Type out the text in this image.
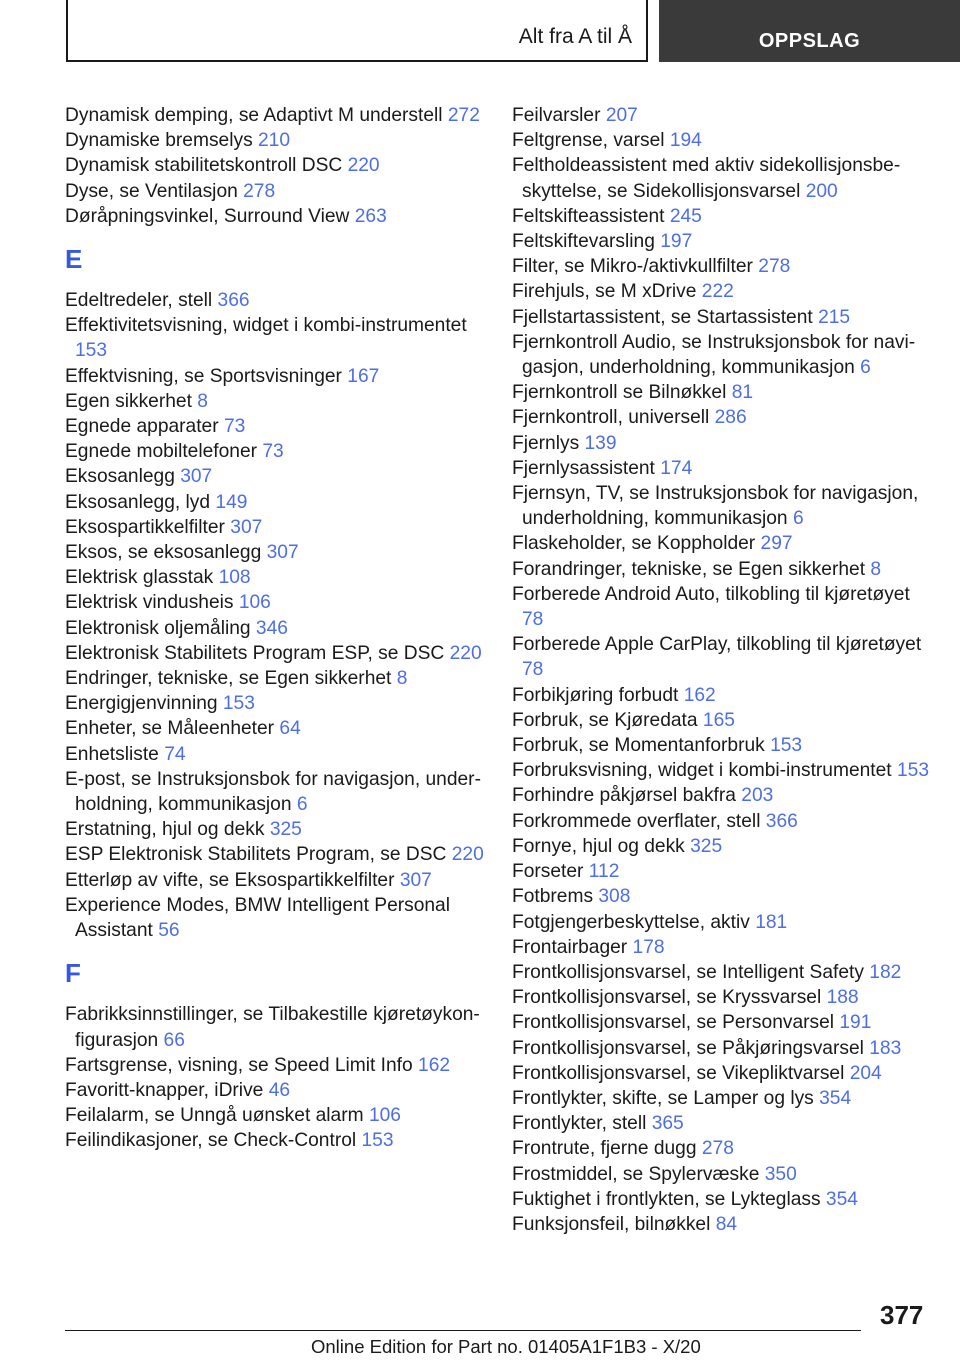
Alt fra A til Å	OPPSLAG

Dynamisk demping, se Adaptivt M understell 272

Dynamiske bremselys 210

Dynamisk stabilitetskontroll DSC 220

Dyse, se Ventilasjon 278

Døråpningsvinkel, Surround View 263

E

Edeltredeler, stell 366

Effektivitetsvisning, widget i kombi-instrumentet 153

Effektvisning, se Sportsvisninger 167

Egen sikkerhet 8

Egnede apparater 73

Egnede mobiltelefoner 73

Eksosanlegg 307

Eksosanlegg, lyd 149

Eksospartikkelfilter 307

Eksos, se eksosanlegg 307

Elektrisk glasstak 108

Elektrisk vindusheis 106

Elektronisk oljemåling 346

Elektronisk Stabilitets Program ESP, se DSC 220

Endringer, tekniske, se Egen sikkerhet 8

Energigjenvinning 153

Enheter, se Måleenheter 64

Enhetsliste 74

E-post, se Instruksjonsbok for navigasjon, underholdning, kommunikasjon 6

Erstatning, hjul og dekk 325

ESP Elektronisk Stabilitets Program, se DSC 220

Etterløp av vifte, se Eksospartikkelfilter 307

Experience Modes, BMW Intelligent Personal Assistant 56

F

Fabrikksinnstillinger, se Tilbakestille kjøretøykonfigurasjon 66

Fartsgrense, visning, se Speed Limit Info 162

Favoritt-knapper, iDrive 46

Feilalarm, se Unngå uønsket alarm 106

Feilindikasjoner, se Check-Control 153

Feilvarsler 207

Feltgrense, varsel 194

Feltholdeassistent med aktiv sidekollisjonsbeskyttelse, se Sidekollisjonsvarsel 200

Feltskifteassistent 245

Feltskiftevarsling 197

Filter, se Mikro-/aktivkullfilter 278

Firehjuls, se M xDrive 222

Fjellstartassistent, se Startassistent 215

Fjernkontroll Audio, se Instruksjonsbok for navigasjon, underholdning, kommunikasjon 6

Fjernkontroll se Bilnøkkel 81

Fjernkontroll, universell 286

Fjernlys 139

Fjernlysassistent 174

Fjernsyn, TV, se Instruksjonsbok for navigasjon, underholdning, kommunikasjon 6

Flaskeholder, se Koppholder 297

Forandringer, tekniske, se Egen sikkerhet 8

Forberede Android Auto, tilkobling til kjøretøyet 78

Forberede Apple CarPlay, tilkobling til kjøretøyet 78

Forbikjøring forbudt 162

Forbruk, se Kjøredata 165

Forbruk, se Momentanforbruk 153

Forbruksvisning, widget i kombi-instrumentet 153

Forhindre påkjørsel bakfra 203

Forkrommede overflater, stell 366

Fornye, hjul og dekk 325

Forseter 112

Fotbrems 308

Fotgjengerbeskyttelse, aktiv 181

Frontairbager 178

Frontkollisjonsvarsel, se Intelligent Safety 182

Frontkollisjonsvarsel, se Kryssvarsel 188

Frontkollisjonsvarsel, se Personvarsel 191

Frontkollisjonsvarsel, se Påkjøringsvarsel 183

Frontkollisjonsvarsel, se Vikepliktvarsel 204

Frontlykter, skifte, se Lamper og lys 354

Frontlykter, stell 365

Frontrute, fjerne dugg 278

Frostmiddel, se Spylervæske 350

Fuktighet i frontlykten, se Lykteglass 354

Funksjonsfeil, bilnøkkel 84

377
Online Edition for Part no. 01405A1F1B3 - X/20
